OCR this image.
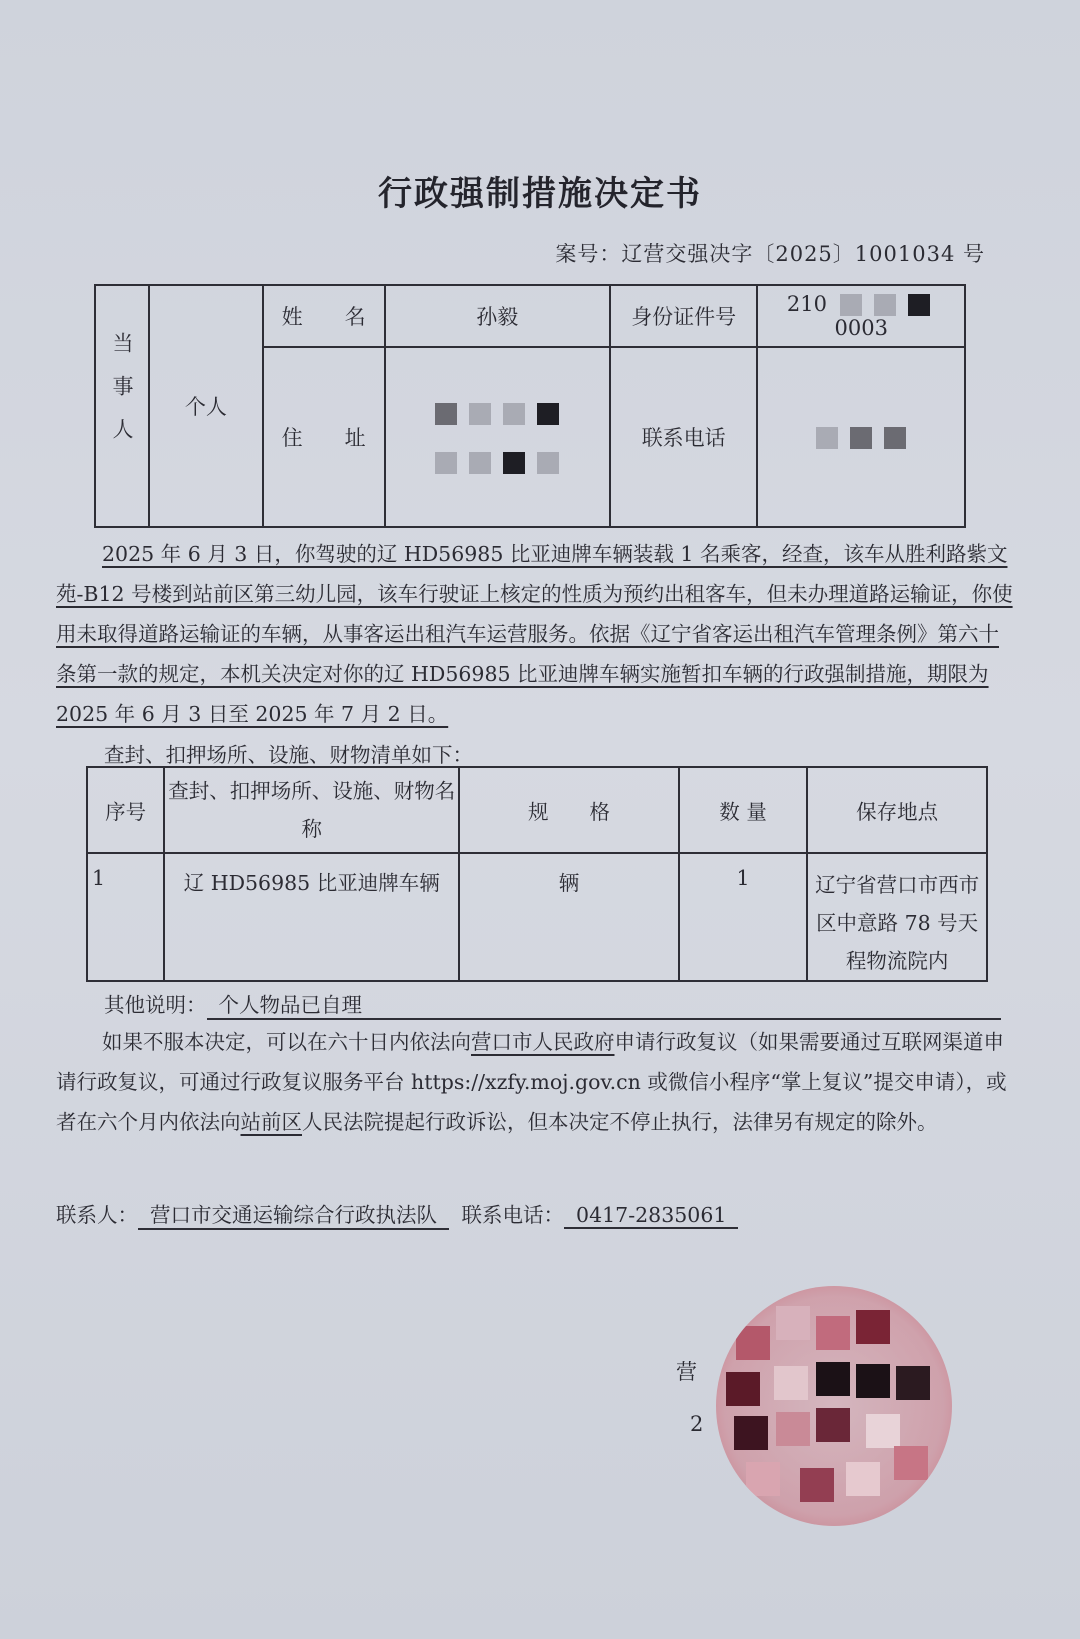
行政强制措施决定书
案号：辽营交强决字〔2025〕1001034 号
当事人	个人	姓　　名	孙毅	身份证件号	210  0003
		住　　址		联系电话	
2025 年 6 月 3 日，你驾驶的辽 HD56985 比亚迪牌车辆装载 1 名乘客，经查，该车从胜利路紫文苑-B12 号楼到站前区第三幼儿园，该车行驶证上核定的性质为预约出租客车，但未办理道路运输证，你使用未取得道路运输证的车辆，从事客运出租汽车运营服务。依据《辽宁省客运出租汽车管理条例》第六十条第一款的规定，本机关决定对你的辽 HD56985 比亚迪牌车辆实施暂扣车辆的行政强制措施，期限为 2025 年 6 月 3 日至 2025 年 7 月 2 日。
查封、扣押场所、设施、财物清单如下：
序号	查封、扣押场所、设施、财物名称	规　　格	数 量	保存地点
1	辽 HD56985 比亚迪牌车辆	辆	1	辽宁省营口市西市区中意路 78 号天程物流院内
其他说明： 个人物品已自理
如果不服本决定，可以在六十日内依法向营口市人民政府申请行政复议（如果需要通过互联网渠道申请行政复议，可通过行政复议服务平台 https://xzfy.moj.gov.cn 或微信小程序“掌上复议”提交申请），或者在六个月内依法向站前区人民法院提起行政诉讼，但本决定不停止执行，法律另有规定的除外。
联系人： 营口市交通运输综合行政执法队 联系电话： 0417-2835061
营
2
